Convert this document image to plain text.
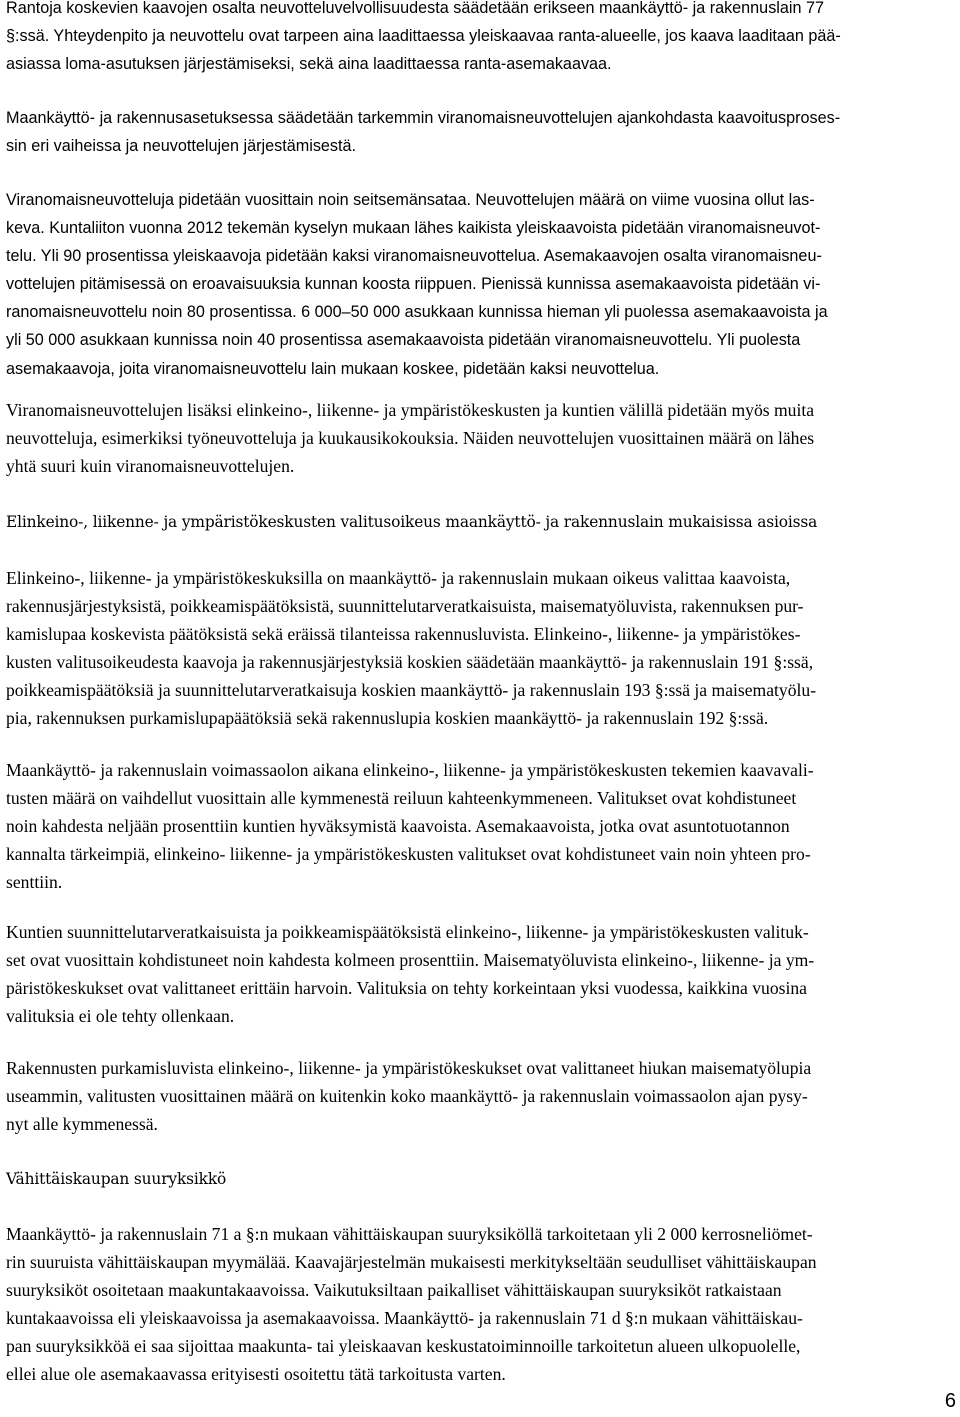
Rantoja koskevien kaavojen osalta neuvotteluvelvollisuudesta säädetään erikseen maankäyttö- ja rakennuslain 77
§:ssä. Yhteydenpito ja neuvottelu ovat tarpeen aina laadittaessa yleiskaavaa ranta-alueelle, jos kaava laaditaan pää-
asiassa loma-asutuksen järjestämiseksi, sekä aina laadittaessa ranta-asemakaavaa.
Maankäyttö- ja rakennusasetuksessa säädetään tarkemmin viranomaisneuvottelujen ajankohdasta kaavoitusproses-
sin eri vaiheissa ja neuvottelujen järjestämisestä.
Viranomaisneuvotteluja pidetään vuosittain noin seitsemänsataa. Neuvottelujen määrä on viime vuosina ollut las-
keva. Kuntaliiton vuonna 2012 tekemän kyselyn mukaan lähes kaikista yleiskaavoista pidetään viranomaisneuvot-
telu. Yli 90 prosentissa yleiskaavoja pidetään kaksi viranomaisneuvottelua. Asemakaavojen osalta viranomaisneu-
vottelujen pitämisessä on eroavaisuuksia kunnan koosta riippuen. Pienissä kunnissa asemakaavoista pidetään vi-
ranomaisneuvottelu noin 80 prosentissa. 6 000–50 000 asukkaan kunnissa hieman yli puolessa asemakaavoista ja
yli 50 000 asukkaan kunnissa noin 40 prosentissa asemakaavoista pidetään viranomaisneuvottelu. Yli puolesta
asemakaavoja, joita viranomaisneuvottelu lain mukaan koskee, pidetään kaksi neuvottelua.
Viranomaisneuvottelujen lisäksi elinkeino-, liikenne- ja ympäristökeskusten ja kuntien välillä pidetään myös muita
neuvotteluja, esimerkiksi työneuvotteluja ja kuukausikokouksia. Näiden neuvottelujen vuosittainen määrä on lähes
yhtä suuri kuin viranomaisneuvottelujen.
Elinkeino-, liikenne- ja ympäristökeskusten valitusoikeus maankäyttö- ja rakennuslain mukaisissa asioissa
Elinkeino-, liikenne- ja ympäristökeskuksilla on maankäyttö- ja rakennuslain mukaan oikeus valittaa kaavoista,
rakennusjärjestyksistä, poikkeamispäätöksistä, suunnittelutarveratkaisuista, maisematyöluvista, rakennuksen pur-
kamislupaa koskevista päätöksistä sekä eräissä tilanteissa rakennusluvista. Elinkeino-, liikenne- ja ympäristökes-
kusten valitusoikeudesta kaavoja ja rakennusjärjestyksiä koskien säädetään maankäyttö- ja rakennuslain 191 §:ssä,
poikkeamispäätöksiä ja suunnittelutarveratkaisuja koskien maankäyttö- ja rakennuslain 193 §:ssä ja maisematyölu-
pia, rakennuksen purkamislupapäätöksiä sekä rakennuslupia koskien maankäyttö- ja rakennuslain 192 §:ssä.
Maankäyttö- ja rakennuslain voimassaolon aikana elinkeino-, liikenne- ja ympäristökeskusten tekemien kaavavali-
tusten määrä on vaihdellut vuosittain alle kymmenestä reiluun kahteenkymmeneen. Valitukset ovat kohdistuneet
noin kahdesta neljään prosenttiin kuntien hyväksymistä kaavoista. Asemakaavoista, jotka ovat asuntotuotannon
kannalta tärkeimpiä, elinkeino- liikenne- ja ympäristökeskusten valitukset ovat kohdistuneet vain noin yhteen pro-
senttiin.
Kuntien suunnittelutarveratkaisuista ja poikkeamispäätöksistä elinkeino-, liikenne- ja ympäristökeskusten valituk-
set ovat vuosittain kohdistuneet noin kahdesta kolmeen prosenttiin. Maisematyöluvista elinkeino-, liikenne- ja ym-
päristökeskukset ovat valittaneet erittäin harvoin. Valituksia on tehty korkeintaan yksi vuodessa, kaikkina vuosina
valituksia ei ole tehty ollenkaan.
Rakennusten purkamisluvista elinkeino-, liikenne- ja ympäristökeskukset ovat valittaneet hiukan maisematyölupia
useammin, valitusten vuosittainen määrä on kuitenkin koko maankäyttö- ja rakennuslain voimassaolon ajan pysy-
nyt alle kymmenessä.
Vähittäiskaupan suuryksikkö
Maankäyttö- ja rakennuslain 71 a §:n mukaan vähittäiskaupan suuryksiköllä tarkoitetaan yli 2 000 kerrosneliömet-
rin suuruista vähittäiskaupan myymälää. Kaavajärjestelmän mukaisesti merkitykseltään seudulliset vähittäiskaupan
suuryksiköt osoitetaan maakuntakaavoissa. Vaikutuksiltaan paikalliset vähittäiskaupan suuryksiköt ratkaistaan
kuntakaavoissa eli yleiskaavoissa ja asemakaavoissa. Maankäyttö- ja rakennuslain 71 d §:n mukaan vähittäiskau-
pan suuryksikköä ei saa sijoittaa maakunta- tai yleiskaavan keskustatoiminnoille tarkoitetun alueen ulkopuolelle,
ellei alue ole asemakaavassa erityisesti osoitettu tätä tarkoitusta varten.
6
